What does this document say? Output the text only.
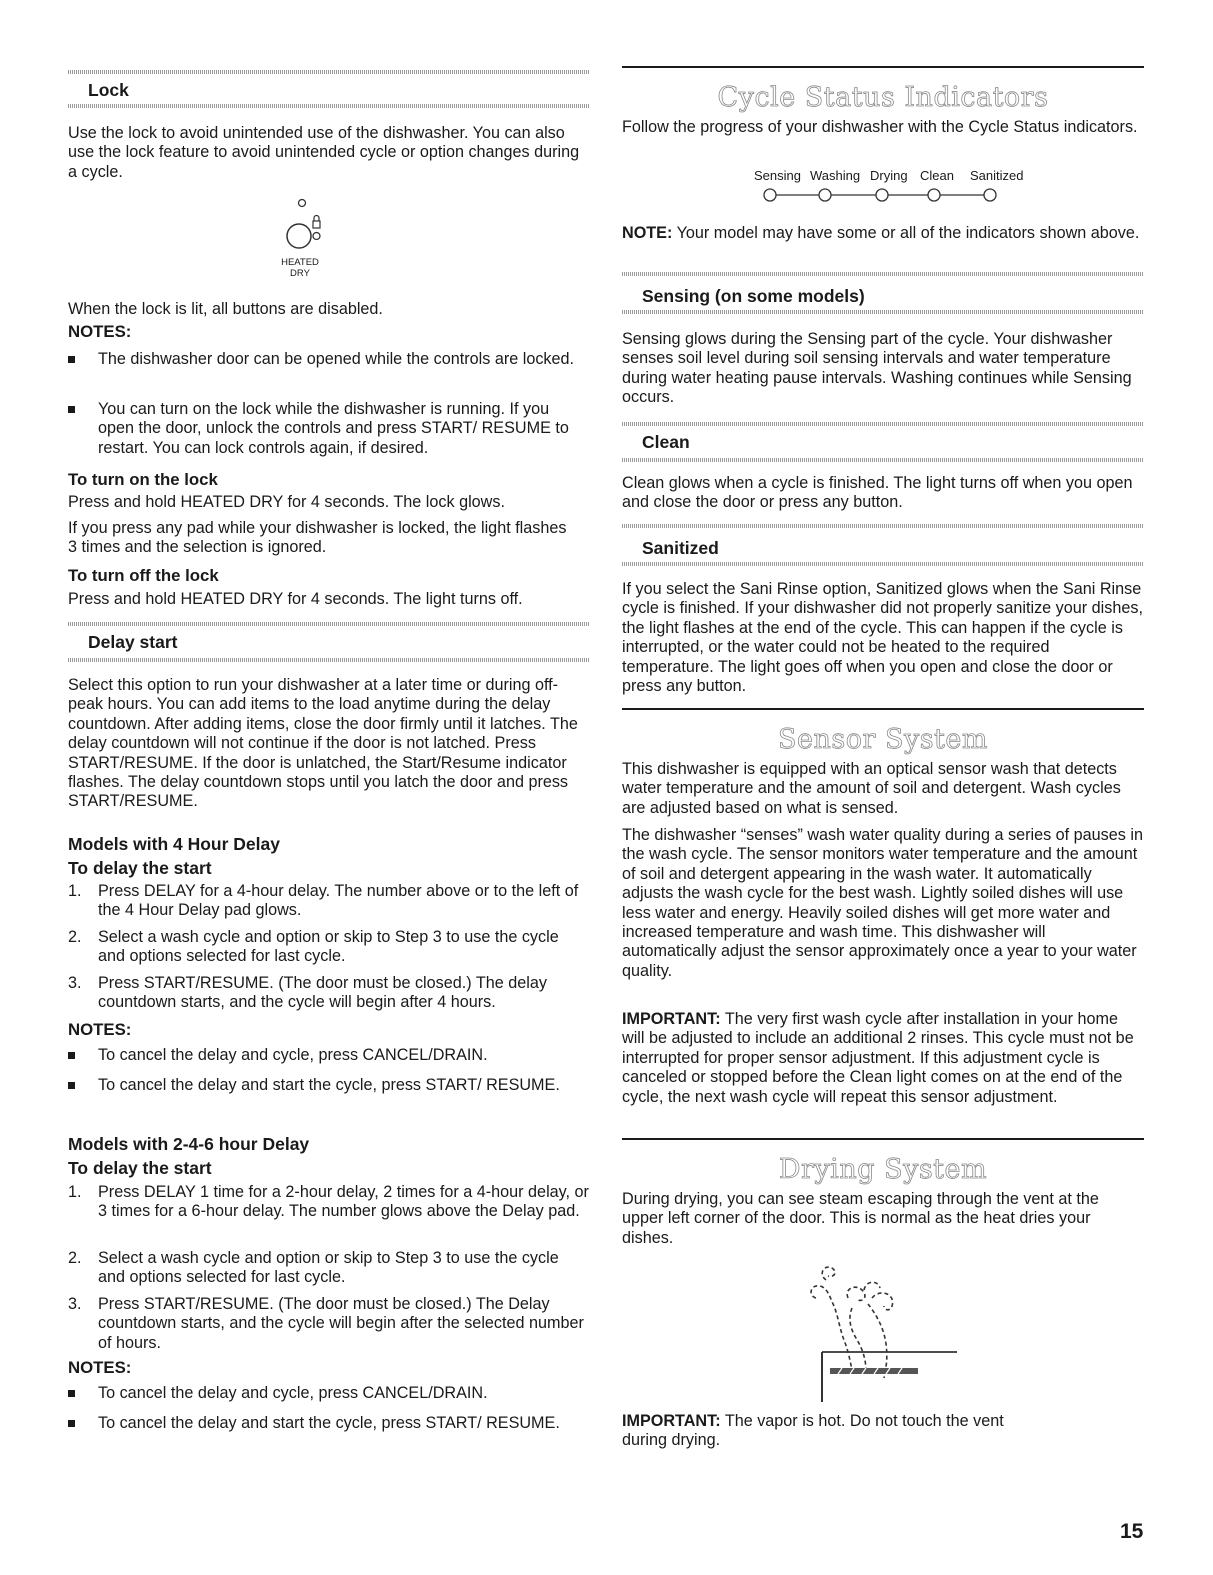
Lock

Use the lock to avoid unintended use of the dishwasher. You can also use the lock feature to avoid unintended cycle or option changes during a cycle.

HEATED
DRY

When the lock is lit, all buttons are disabled.

NOTES:

The dishwasher door can be opened while the controls are locked.

You can turn on the lock while the dishwasher is running. If you open the door, unlock the controls and press START/ RESUME to restart. You can lock controls again, if desired.

To turn on the lock

Press and hold HEATED DRY for 4 seconds. The lock glows.

If you press any pad while your dishwasher is locked, the light flashes 3 times and the selection is ignored.

To turn off the lock

Press and hold HEATED DRY for 4 seconds. The light turns off.

Delay start

Select this option to run your dishwasher at a later time or during off-peak hours. You can add items to the load anytime during the delay countdown. After adding items, close the door firmly until it latches. The delay countdown will not continue if the door is not latched. Press START/RESUME. If the door is unlatched, the Start/Resume indicator flashes. The delay countdown stops until you latch the door and press START/RESUME.

Models with 4 Hour Delay
To delay the start
1. Press DELAY for a 4-hour delay. The number above or to the left of the 4 Hour Delay pad glows.

2. Select a wash cycle and option or skip to Step 3 to use the cycle and options selected for last cycle.

3. Press START/RESUME. (The door must be closed.) The delay countdown starts, and the cycle will begin after 4 hours.

NOTES:

To cancel the delay and cycle, press CANCEL/DRAIN.

To cancel the delay and start the cycle, press START/ RESUME.

Models with 2-4-6 hour Delay
To delay the start
1. Press DELAY 1 time for a 2-hour delay, 2 times for a 4-hour delay, or 3 times for a 6-hour delay. The number glows above the Delay pad.

2. Select a wash cycle and option or skip to Step 3 to use the cycle and options selected for last cycle.

3. Press START/RESUME. (The door must be closed.) The Delay countdown starts, and the cycle will begin after the selected number of hours.

NOTES:

To cancel the delay and cycle, press CANCEL/DRAIN.

To cancel the delay and start the cycle, press START/ RESUME.

Cycle Status Indicators

Follow the progress of your dishwasher with the Cycle Status indicators.

Sensing Washing Drying Clean Sanitized

NOTE: Your model may have some or all of the indicators shown above.

Sensing (on some models)

Sensing glows during the Sensing part of the cycle. Your dishwasher senses soil level during soil sensing intervals and water temperature during water heating pause intervals. Washing continues while Sensing occurs.

Clean

Clean glows when a cycle is finished. The light turns off when you open and close the door or press any button.

Sanitized

If you select the Sani Rinse option, Sanitized glows when the Sani Rinse cycle is finished. If your dishwasher did not properly sanitize your dishes, the light flashes at the end of the cycle. This can happen if the cycle is interrupted, or the water could not be heated to the required temperature. The light goes off when you open and close the door or press any button.

Sensor System

This dishwasher is equipped with an optical sensor wash that detects water temperature and the amount of soil and detergent. Wash cycles are adjusted based on what is sensed.

The dishwasher “senses” wash water quality during a series of pauses in the wash cycle. The sensor monitors water temperature and the amount of soil and detergent appearing in the wash water. It automatically adjusts the wash cycle for the best wash. Lightly soiled dishes will use less water and energy. Heavily soiled dishes will get more water and increased temperature and wash time. This dishwasher will automatically adjust the sensor approximately once a year to your water quality.

IMPORTANT: The very first wash cycle after installation in your home will be adjusted to include an additional 2 rinses. This cycle must not be interrupted for proper sensor adjustment. If this adjustment cycle is canceled or stopped before the Clean light comes on at the end of the cycle, the next wash cycle will repeat this sensor adjustment.

Drying System

During drying, you can see steam escaping through the vent at the upper left corner of the door. This is normal as the heat dries your dishes.

IMPORTANT: The vapor is hot. Do not touch the vent during drying.

15
